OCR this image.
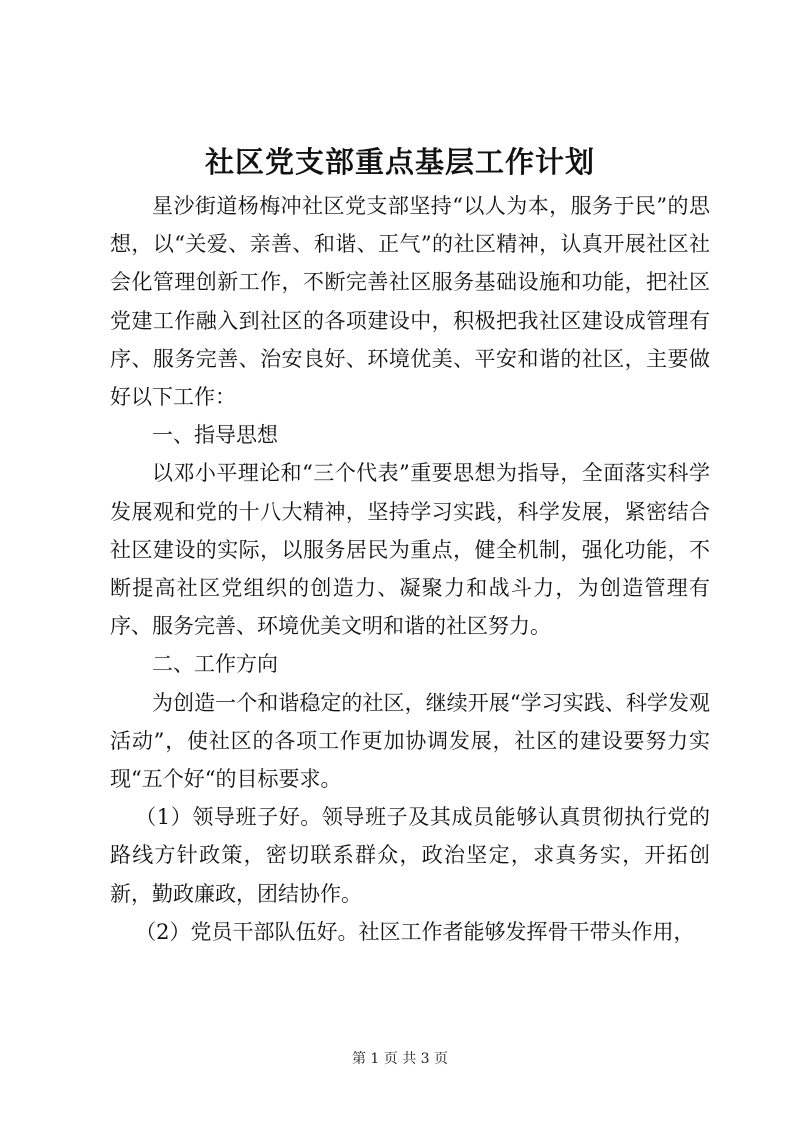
社区党支部重点基层工作计划

星沙街道杨梅冲社区党支部坚持“以人为本，服务于民”的思想，以“关爱、亲善、和谐、正气”的社区精神，认真开展社区社会化管理创新工作，不断完善社区服务基础设施和功能，把社区党建工作融入到社区的各项建设中，积极把我社区建设成管理有序、服务完善、治安良好、环境优美、平安和谐的社区，主要做好以下工作：

一、指导思想

以邓小平理论和“三个代表”重要思想为指导，全面落实科学发展观和党的十八大精神，坚持学习实践，科学发展，紧密结合社区建设的实际，以服务居民为重点，健全机制，强化功能，不断提高社区党组织的创造力、凝聚力和战斗力，为创造管理有序、服务完善、环境优美文明和谐的社区努力。

二、工作方向

为创造一个和谐稳定的社区，继续开展“学习实践、科学发观活动”，使社区的各项工作更加协调发展，社区的建设要努力实现“五个好“的目标要求。

（1）领导班子好。领导班子及其成员能够认真贯彻执行党的路线方针政策，密切联系群众，政治坚定，求真务实，开拓创新，勤政廉政，团结协作。

（2）党员干部队伍好。社区工作者能够发挥骨干带头作用，

第 1 页 共 3 页
